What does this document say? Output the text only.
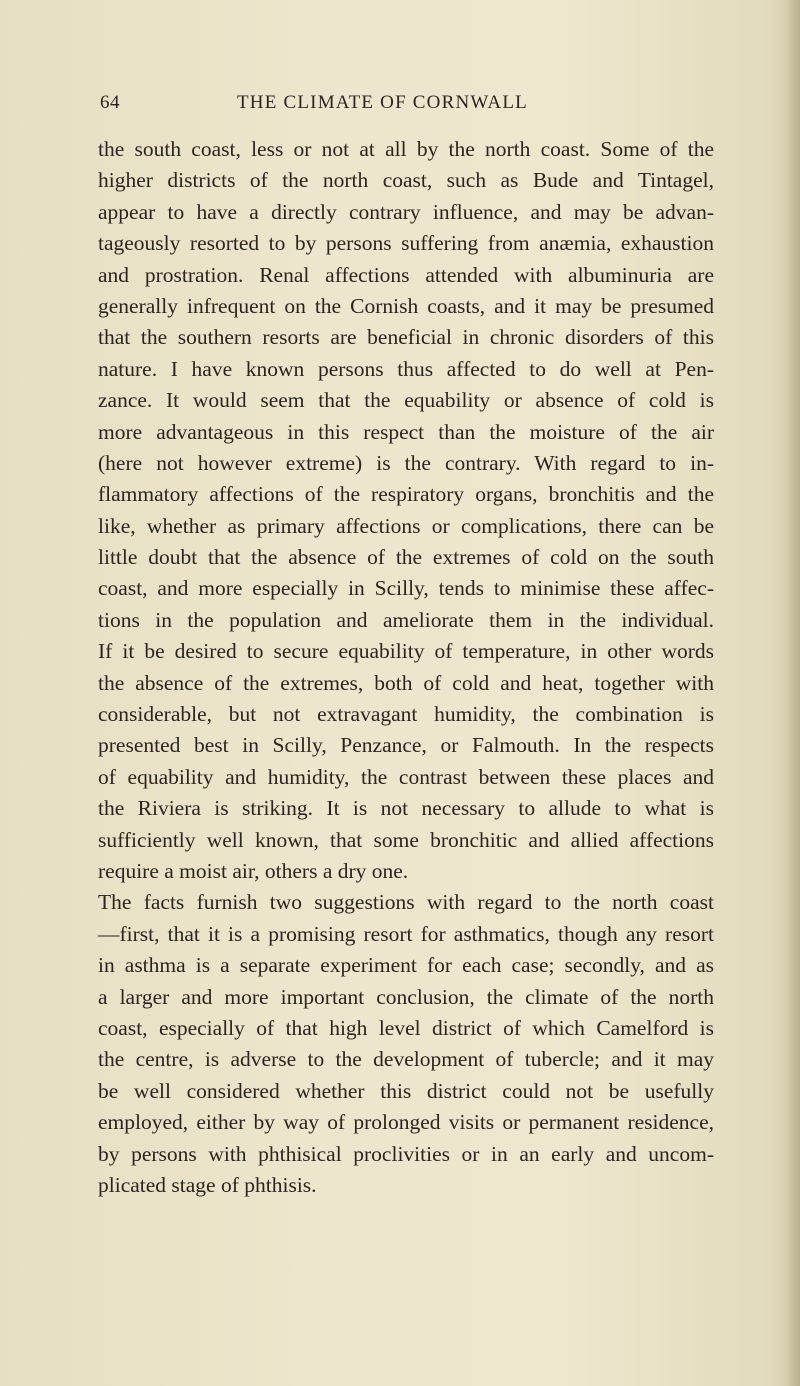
64	THE CLIMATE OF CORNWALL
the south coast, less or not at all by the north coast. Some of the
higher districts of the north coast, such as Bude and Tintagel,
appear to have a directly contrary influence, and may be advan-
tageously resorted to by persons suffering from anæmia, exhaustion
and prostration. Renal affections attended with albuminuria are
generally infrequent on the Cornish coasts, and it may be presumed
that the southern resorts are beneficial in chronic disorders of this
nature. I have known persons thus affected to do well at Pen-
zance. It would seem that the equability or absence of cold is
more advantageous in this respect than the moisture of the air
(here not however extreme) is the contrary. With regard to in-
flammatory affections of the respiratory organs, bronchitis and the
like, whether as primary affections or complications, there can be
little doubt that the absence of the extremes of cold on the south
coast, and more especially in Scilly, tends to minimise these affec-
tions in the population and ameliorate them in the individual.
If it be desired to secure equability of temperature, in other words
the absence of the extremes, both of cold and heat, together with
considerable, but not extravagant humidity, the combination is
presented best in Scilly, Penzance, or Falmouth. In the respects
of equability and humidity, the contrast between these places and
the Riviera is striking. It is not necessary to allude to what is
sufficiently well known, that some bronchitic and allied affections
require a moist air, others a dry one.
The facts furnish two suggestions with regard to the north coast
—first, that it is a promising resort for asthmatics, though any resort
in asthma is a separate experiment for each case; secondly, and as
a larger and more important conclusion, the climate of the north
coast, especially of that high level district of which Camelford is
the centre, is adverse to the development of tubercle; and it may
be well considered whether this district could not be usefully
employed, either by way of prolonged visits or permanent residence,
by persons with phthisical proclivities or in an early and uncom-
plicated stage of phthisis.
